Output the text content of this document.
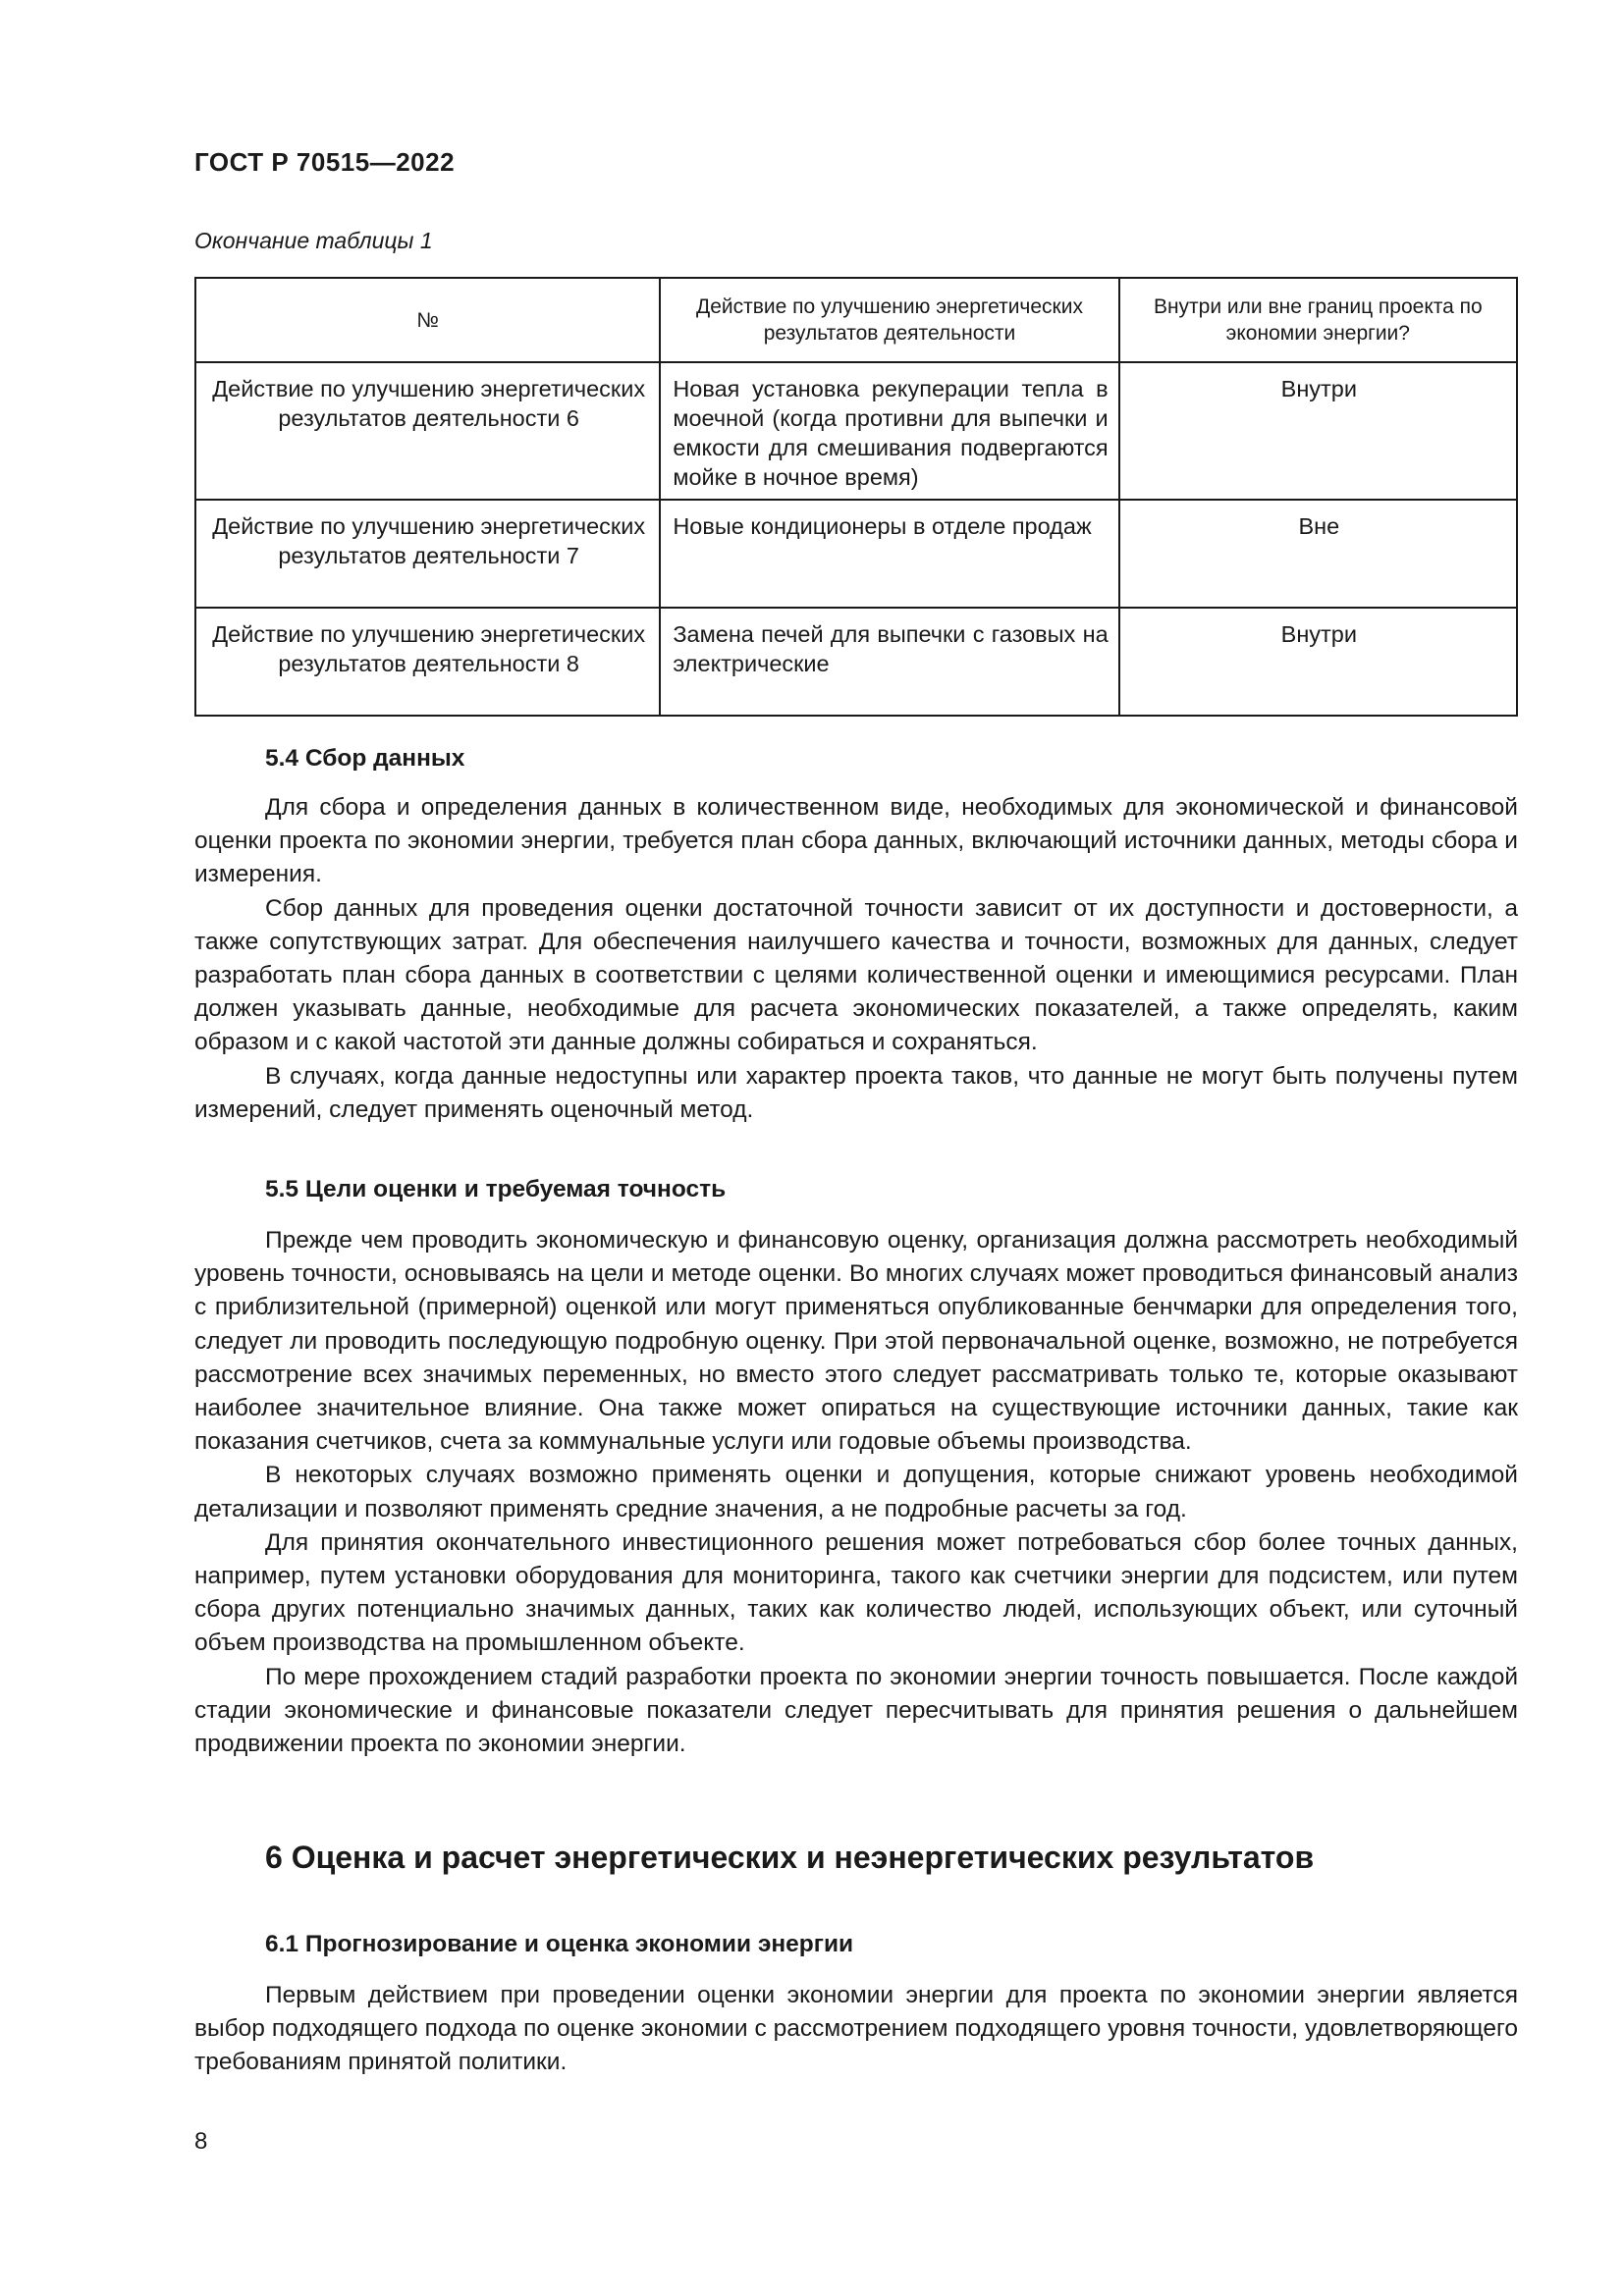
ГОСТ Р 70515—2022
Окончание таблицы 1
№	Действие по улучшению энергетических результатов деятельности	Внутри или вне границ проекта по экономии энергии?
Действие по улучшению энергетических результатов деятельности 6	Новая установка рекуперации тепла в моечной (когда противни для выпечки и емкости для смешивания подвергаются мойке в ночное время)	Внутри
Действие по улучшению энергетических результатов деятельности 7	Новые кондиционеры в отделе продаж	Вне
Действие по улучшению энергетических результатов деятельности 8	Замена печей для выпечки с газовых на электрические	Внутри
5.4 Сбор данных

Для сбора и определения данных в количественном виде, необходимых для экономической и финансовой оценки проекта по экономии энергии, требуется план сбора данных, включающий источники данных, методы сбора и измерения.

Сбор данных для проведения оценки достаточной точности зависит от их доступности и достоверности, а также сопутствующих затрат. Для обеспечения наилучшего качества и точности, возможных для данных, следует разработать план сбора данных в соответствии с целями количественной оценки и имеющимися ресурсами. План должен указывать данные, необходимые для расчета экономических показателей, а также определять, каким образом и с какой частотой эти данные должны собираться и сохраняться.

В случаях, когда данные недоступны или характер проекта таков, что данные не могут быть получены путем измерений, следует применять оценочный метод.

5.5 Цели оценки и требуемая точность

Прежде чем проводить экономическую и финансовую оценку, организация должна рассмотреть необходимый уровень точности, основываясь на цели и методе оценки. Во многих случаях может проводиться финансовый анализ с приблизительной (примерной) оценкой или могут применяться опубликованные бенчмарки для определения того, следует ли проводить последующую подробную оценку. При этой первоначальной оценке, возможно, не потребуется рассмотрение всех значимых переменных, но вместо этого следует рассматривать только те, которые оказывают наиболее значительное влияние. Она также может опираться на существующие источники данных, такие как показания счетчиков, счета за коммунальные услуги или годовые объемы производства.

В некоторых случаях возможно применять оценки и допущения, которые снижают уровень необходимой детализации и позволяют применять средние значения, а не подробные расчеты за год.

Для принятия окончательного инвестиционного решения может потребоваться сбор более точных данных, например, путем установки оборудования для мониторинга, такого как счетчики энергии для подсистем, или путем сбора других потенциально значимых данных, таких как количество людей, использующих объект, или суточный объем производства на промышленном объекте.

По мере прохождением стадий разработки проекта по экономии энергии точность повышается. После каждой стадии экономические и финансовые показатели следует пересчитывать для принятия решения о дальнейшем продвижении проекта по экономии энергии.

6 Оценка и расчет энергетических и неэнергетических результатов
6.1 Прогнозирование и оценка экономии энергии

Первым действием при проведении оценки экономии энергии для проекта по экономии энергии является выбор подходящего подхода по оценке экономии с рассмотрением подходящего уровня точности, удовлетворяющего требованиям принятой политики.

8
